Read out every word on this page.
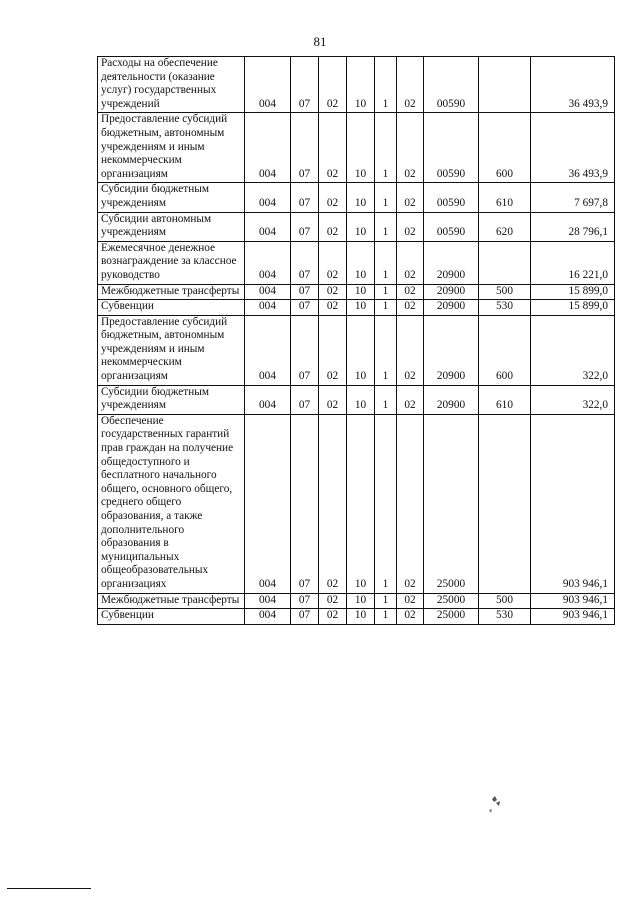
81
Расходы на обеспечение деятельности (оказание услуг) государственных учреждений	004	07	02	10	1	02	00590		36 493,9
Предоставление субсидий бюджетным, автономным учреждениям и иным некоммерческим организациям	004	07	02	10	1	02	00590	600	36 493,9
Субсидии бюджетным учреждениям	004	07	02	10	1	02	00590	610	7 697,8
Субсидии автономным учреждениям	004	07	02	10	1	02	00590	620	28 796,1
Ежемесячное денежное вознаграждение за классное руководство	004	07	02	10	1	02	20900		16 221,0
Межбюджетные трансферты	004	07	02	10	1	02	20900	500	15 899,0
Субвенции	004	07	02	10	1	02	20900	530	15 899,0
Предоставление субсидий бюджетным, автономным учреждениям и иным некоммерческим организациям	004	07	02	10	1	02	20900	600	322,0
Субсидии бюджетным учреждениям	004	07	02	10	1	02	20900	610	322,0
Обеспечение государственных гарантий прав граждан на получение общедоступного и бесплатного начального общего, основного общего, среднего общего образования, а также дополнительного образования в муниципальных общеобразовательных организациях	004	07	02	10	1	02	25000		903 946,1
Межбюджетные трансферты	004	07	02	10	1	02	25000	500	903 946,1
Субвенции	004	07	02	10	1	02	25000	530	903 946,1
